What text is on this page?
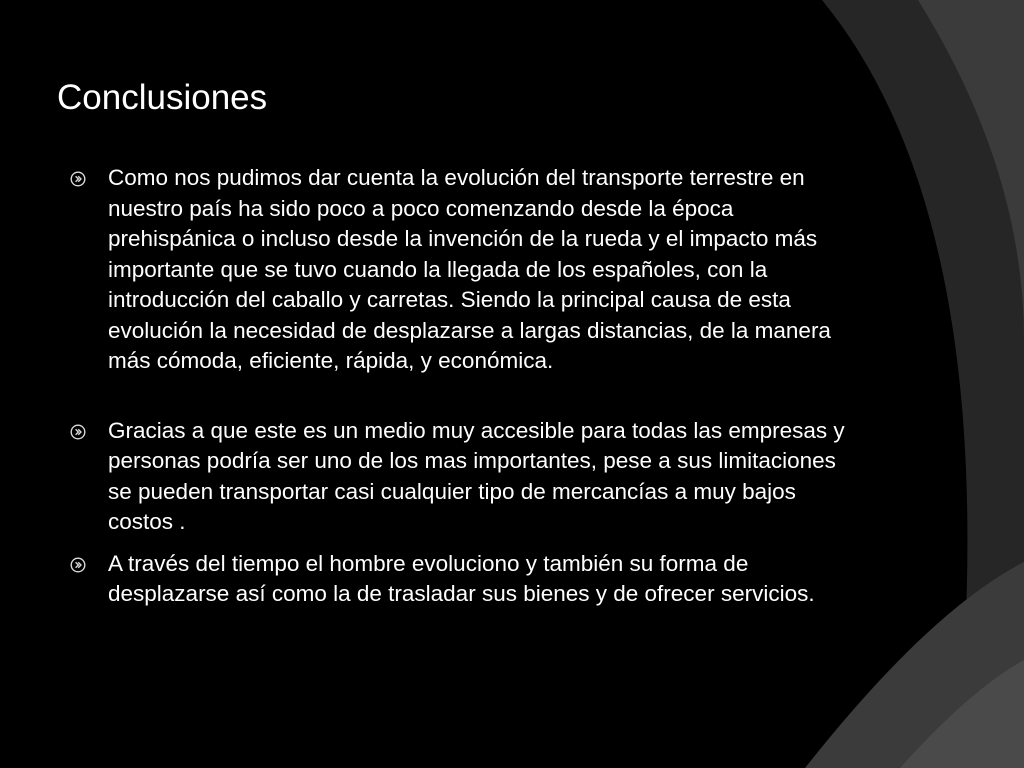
Conclusiones
Como nos pudimos dar cuenta la evolución del transporte terrestre en nuestro país ha sido poco a poco comenzando desde la época prehispánica o incluso desde la invención de la rueda y el impacto más importante que se tuvo cuando la llegada de los españoles, con la introducción del caballo y carretas. Siendo la principal causa de esta evolución la necesidad de desplazarse a largas distancias, de la manera más cómoda, eficiente, rápida, y económica.
Gracias a que este es un medio muy accesible para todas las empresas y personas podría ser uno de los mas importantes, pese a sus limitaciones se pueden transportar casi cualquier tipo de mercancías a muy bajos costos .
A través del tiempo el hombre evoluciono y también su forma de desplazarse así como la de trasladar sus bienes y de ofrecer servicios.
